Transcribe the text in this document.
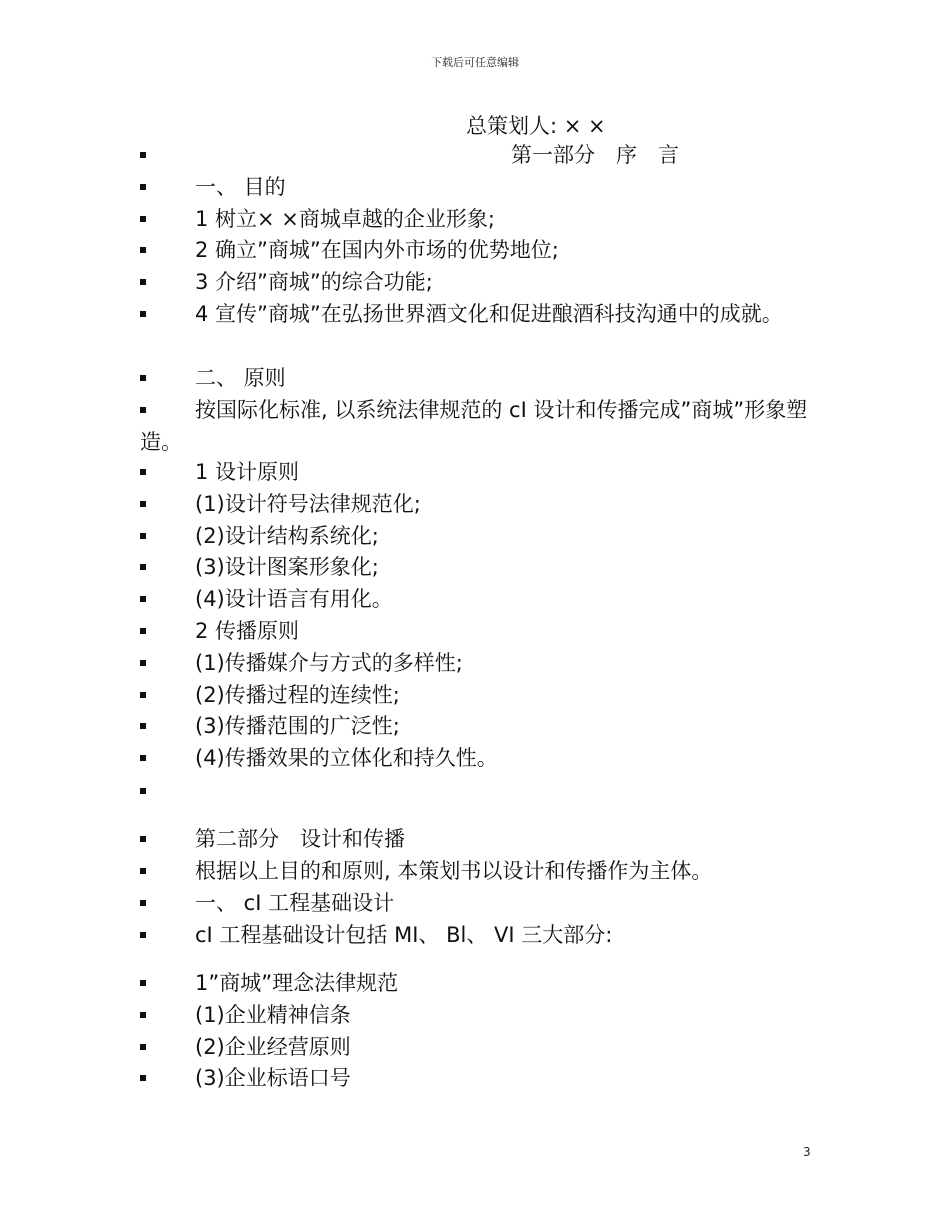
下载后可任意编辑
总策划人: × ×
第一部分　序　言
一、 目的
1 树立× ×商城卓越的企业形象;
2 确立”商城”在国内外市场的优势地位;
3 介绍”商城”的综合功能;
4 宣传”商城”在弘扬世界酒文化和促进酿酒科技沟通中的成就。
二、 原则
按国际化标准, 以系统法律规范的 cI 设计和传播完成”商城”形象塑造。
1 设计原则
(1)设计符号法律规范化;
(2)设计结构系统化;
(3)设计图案形象化;
(4)设计语言有用化。
2 传播原则
(1)传播媒介与方式的多样性;
(2)传播过程的连续性;
(3)传播范围的广泛性;
(4)传播效果的立体化和持久性。
第二部分　设计和传播
根据以上目的和原则, 本策划书以设计和传播作为主体。
一、 cI 工程基础设计
cI 工程基础设计包括 MI、 Bl、 VI 三大部分:
1”商城”理念法律规范
(1)企业精神信条
(2)企业经营原则
(3)企业标语口号
3
